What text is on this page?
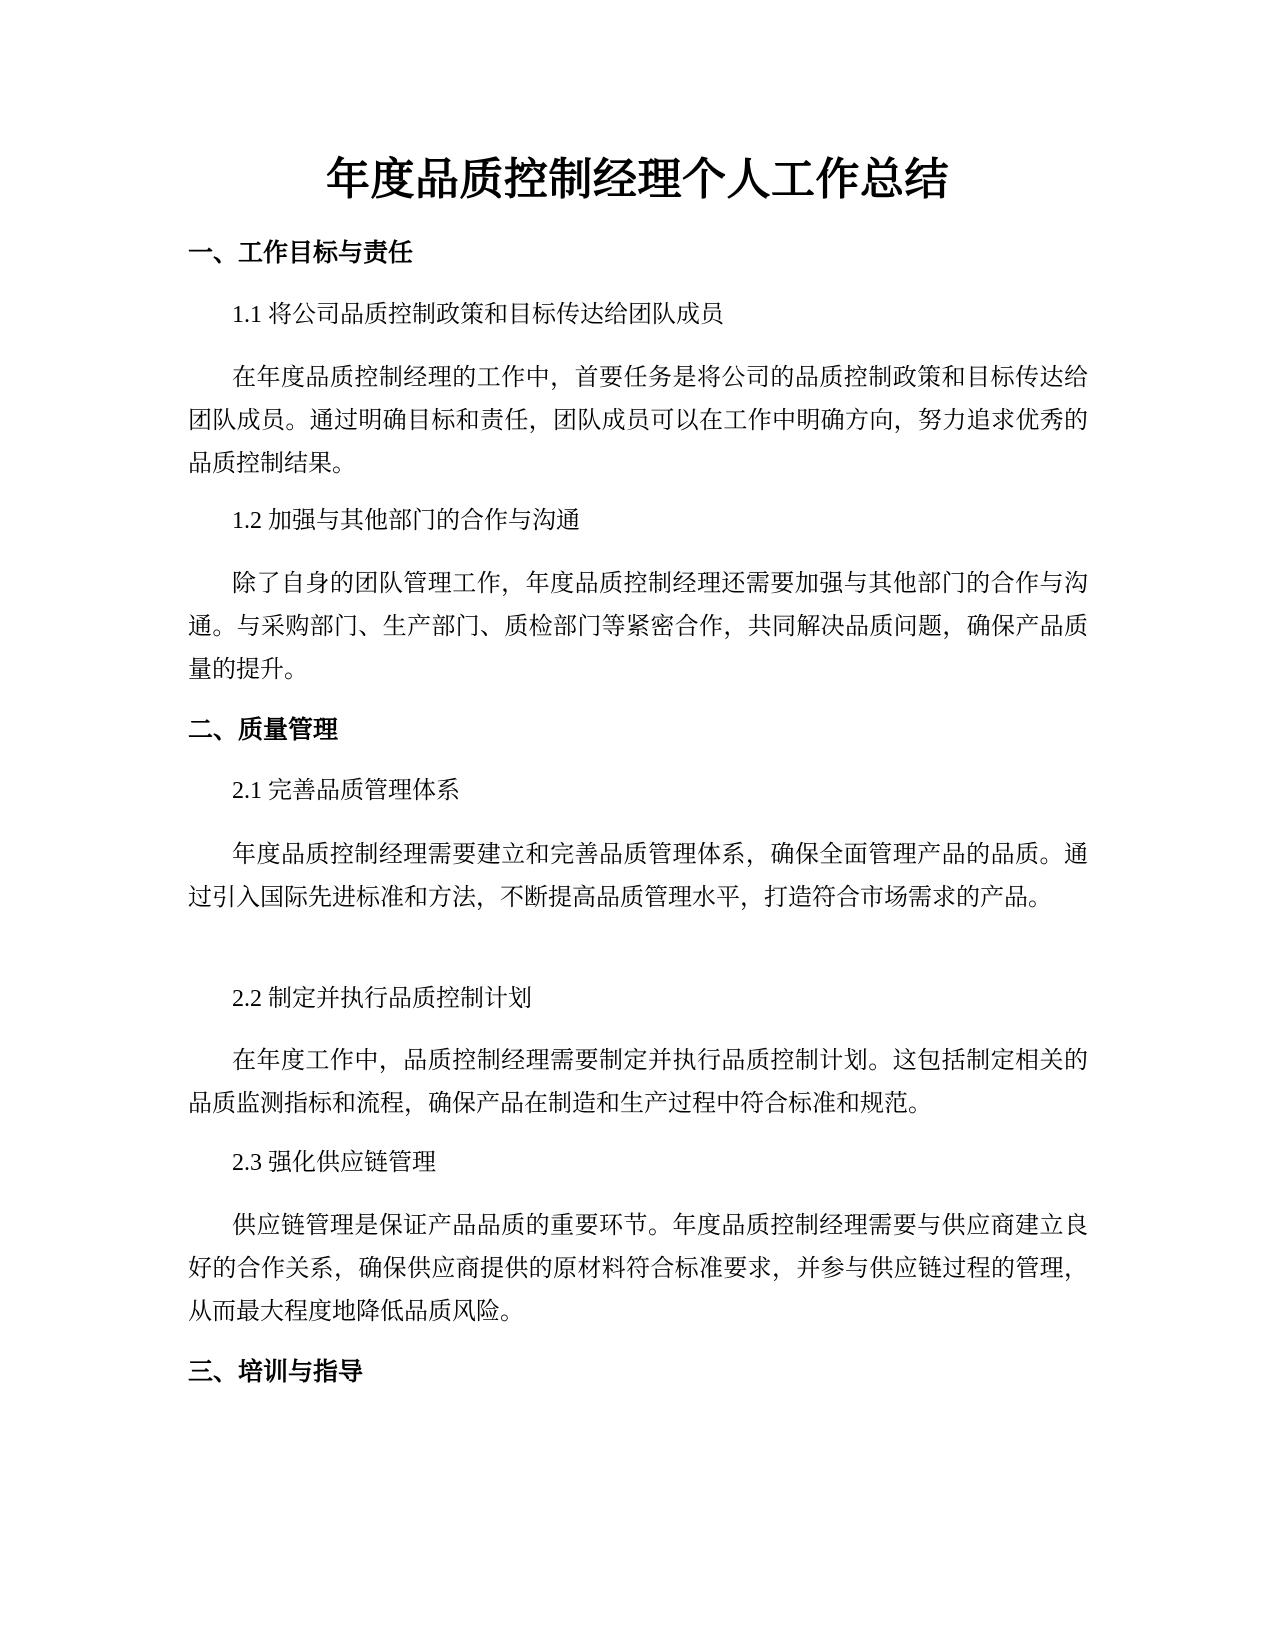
年度品质控制经理个人工作总结
一、工作目标与责任

1.1 将公司品质控制政策和目标传达给团队成员

在年度品质控制经理的工作中，首要任务是将公司的品质控制政策和目标传达给团队成员。通过明确目标和责任，团队成员可以在工作中明确方向，努力追求优秀的品质控制结果。

1.2 加强与其他部门的合作与沟通

除了自身的团队管理工作，年度品质控制经理还需要加强与其他部门的合作与沟通。与采购部门、生产部门、质检部门等紧密合作，共同解决品质问题，确保产品质量的提升。

二、质量管理

2.1 完善品质管理体系

年度品质控制经理需要建立和完善品质管理体系，确保全面管理产品的品质。通过引入国际先进标准和方法，不断提高品质管理水平，打造符合市场需求的产品。

2.2 制定并执行品质控制计划

在年度工作中，品质控制经理需要制定并执行品质控制计划。这包括制定相关的品质监测指标和流程，确保产品在制造和生产过程中符合标准和规范。

2.3 强化供应链管理

供应链管理是保证产品品质的重要环节。年度品质控制经理需要与供应商建立良好的合作关系，确保供应商提供的原材料符合标准要求，并参与供应链过程的管理，从而最大程度地降低品质风险。

三、培训与指导
